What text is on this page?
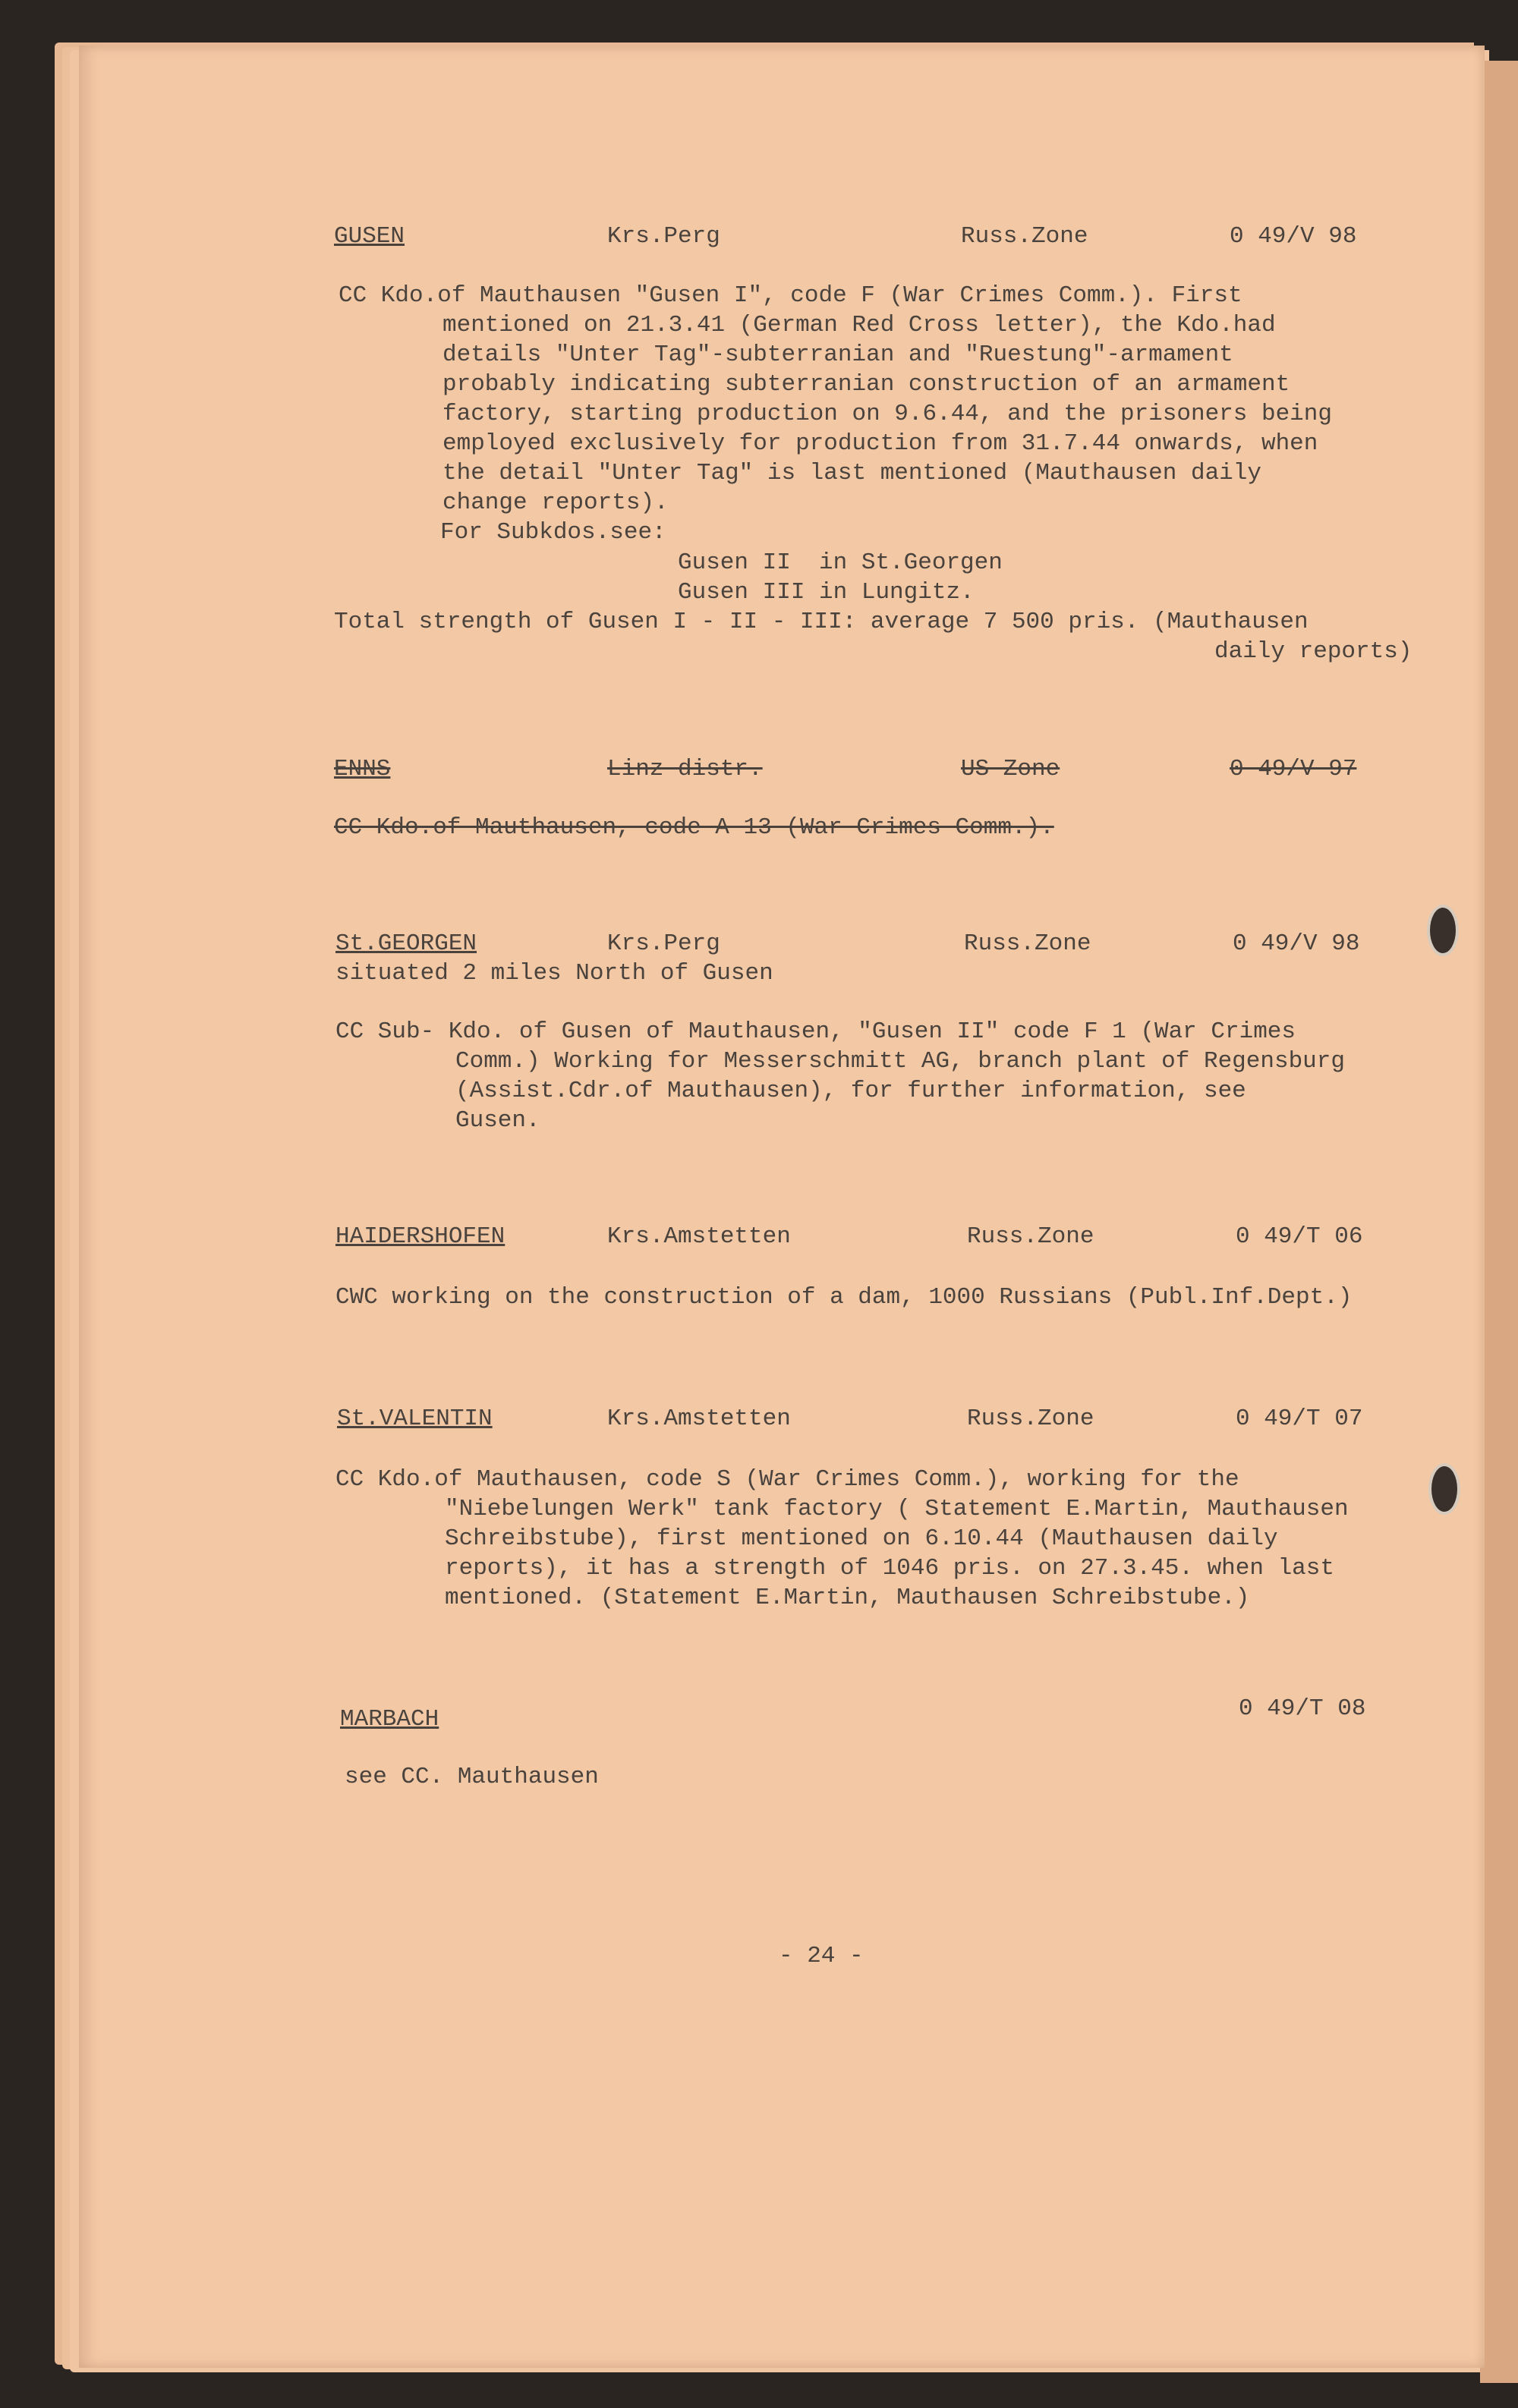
GUSEN	Krs.Perg	Russ.Zone	0 49/V 98
CC Kdo.of Mauthausen "Gusen I", code F (War Crimes Comm.). First
mentioned on 21.3.41 (German Red Cross letter), the Kdo.had
details "Unter Tag"-subterranian and "Ruestung"-armament
probably indicating subterranian construction of an armament
factory, starting production on 9.6.44, and the prisoners being
employed exclusively for production from 31.7.44 onwards, when
the detail "Unter Tag" is last mentioned (Mauthausen daily
change reports).
For Subkdos.see:
Gusen II  in St.Georgen
Gusen III in Lungitz.
Total strength of Gusen I - II - III: average 7 500 pris. (Mauthausen
daily reports)
ENNS	Linz distr.	US Zone	0 49/V 97
CC Kdo.of Mauthausen, code A 13 (War Crimes Comm.).
St.GEORGEN	Krs.Perg	Russ.Zone	0 49/V 98
situated 2 miles North of Gusen
CC Sub- Kdo. of Gusen of Mauthausen, "Gusen II" code F 1 (War Crimes
Comm.) Working for Messerschmitt AG, branch plant of Regensburg
(Assist.Cdr.of Mauthausen), for further information, see
Gusen.
HAIDERSHOFEN	Krs.Amstetten	Russ.Zone	0 49/T 06
CWC working on the construction of a dam, 1000 Russians (Publ.Inf.Dept.)
St.VALENTIN	Krs.Amstetten	Russ.Zone	0 49/T 07
CC Kdo.of Mauthausen, code S (War Crimes Comm.), working for the
"Niebelungen Werk" tank factory ( Statement E.Martin, Mauthausen
Schreibstube), first mentioned on 6.10.44 (Mauthausen daily
reports), it has a strength of 1046 pris. on 27.3.45. when last
mentioned. (Statement E.Martin, Mauthausen Schreibstube.)
MARBACH	0 49/T 08
see CC. Mauthausen
- 24 -
